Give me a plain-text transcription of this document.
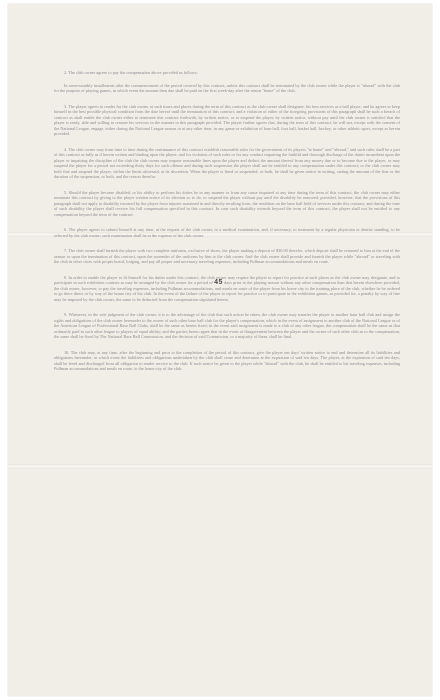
2. The club owner agrees to pay the compensation above provided as follows:

In semi-monthly installments after the commencement of the period covered by this contract, unless this contract shall be terminated by the club owner while the player is "abroad" with the club for the purpose of playing games, in which event the amount then due shall be paid on the first week-day after the return "home" of the club.

3. The player agrees to render for the club owner, at such times and places during the term of this contract as the club owner shall designate, his best services as a ball player; and he agrees to keep himself in the best possible physical condition from the date hereof until the termination of this contract; and a violation of either of the foregoing provisions of this paragraph shall be such a breach of contract as shall entitle the club owner either to terminate this contract forthwith, by written notice, or to suspend the player, by written notice, without pay until the club owner is satisfied that the player is ready, able and willing to resume his services in the manner in this paragraph provided. The player further agrees that, during the term of this contract, he will not, except with the consent of the National League, engage, either during the National League season or at any other time, in any game or exhibition of base ball, foot ball, basket ball, hockey, or other athletic sport, except as herein provided.

4. The club owner may from time to time during the continuance of this contract establish reasonable rules for the government of its players "at home" and "abroad," and such rules shall be a part of this contract as fully as if herein written and binding upon the player; and for violation of such rules or for any conduct impairing the faithful and thorough discharge of the duties incumbent upon the player or impairing the discipline of the club the club owner may impose reasonable fines upon the player and deduct the amount thereof from any money due or to become due to the player, or may suspend the player for a period not exceeding thirty days for such offense and during such suspension the player shall not be entitled to any compensation under this contract; or the club owner may both fine and suspend the player, within the limits aforesaid, at its discretion. When the player is fined or suspended, or both, he shall be given notice in writing, stating the amount of the fine or the duration of the suspension, or both, and the reason therefor.

5. Should the player become disabled, or his ability to perform his duties be in any manner or from any cause impaired at any time during the term of this contract, the club owner may either terminate this contract by giving to the player written notice of its election so to do, or suspend the player without pay until the disability be removed; provided, however, that the provisions of this paragraph shall not apply to disability incurred by the player from injuries sustained in and directly resulting from, the rendition on the base ball field of services under this contract, and during the time of such disability the player shall receive his full compensation specified in this contract. In case such disability extends beyond the term of this contract, the player shall not be entitled to any compensation beyond the term of the contract.

6. The player agrees to submit himself at any time, at the request of the club owner, to a medical examination, and, if necessary, to treatment by a regular physician or dentist standing, to be selected by the club owner; such examination shall be at the expense of the club owner.

7. The club owner shall furnish the player with two complete uniforms, exclusive of shoes, the player making a deposit of $30.00 therefor, which deposit shall be returned to him at the end of the season or upon the termination of this contract, upon the surrender of the uniforms by him to the club owner. And the club owner shall provide and furnish the player while "abroad" or traveling with the club in other cities with proper board, lodging, and pay all proper and necessary traveling expenses, including Pullman accommodations and meals en route.

8. In order to enable the player to fit himself for his duties under this contract, the club owner may require the player to report for practice at such places as the club owner may designate, and to participate in such exhibition contests as may be arranged by the club owner for a period of 45 days prior to the playing season without any other compensation than that herein elsewhere provided, the club owner, however, to pay the traveling expenses, including Pullman accommodations, and meals en route of the player from his home city to the training place of the club, whether he be ordered to go there direct or by way of the home city of the club. In the event of the failure of the player to report for practice or to participate in the exhibition games, as provided for, a penalty by way of fine may be imposed by the club owner, the same to be deducted from the compensation stipulated herein.

9. Whenever, in the sole judgment of the club owner, it is to the advantage of the club that such action be taken, the club owner may transfer the player to another base ball club and assign the rights and obligations of the club owner hereunder to the owner of such other base ball club for the player's compensation, which in the event of assignment to another club of the National League or of the American League of Professional Base Ball Clubs, shall be the same as herein fixed; in the event said assignment is made to a club of any other league, the compensation shall be the same as that ordinarily paid in such other league to players of equal ability; and the parties hereto agree that in the event of disagreement between the player and the owner of such other club as to the compensation, the same shall be fixed by The National Base Ball Commission, and the decision of said Commission, or a majority of them, shall be final.

10. The club may, at any time, after the beginning and prior to the completion of the period of this contract, give the player ten days' written notice to end and determine all its liabilities and obligations hereunder, in which event the liabilities and obligations undertaken by the club shall cease and determine at the expiration of said ten days. The player, at the expiration of said ten days, shall be freed and discharged from all obligation to render service to the club. If such notice be given to the player while "abroad" with the club, he shall be entitled to his traveling expenses, including Pullman accommodations and meals en route, to the home city of the club.
